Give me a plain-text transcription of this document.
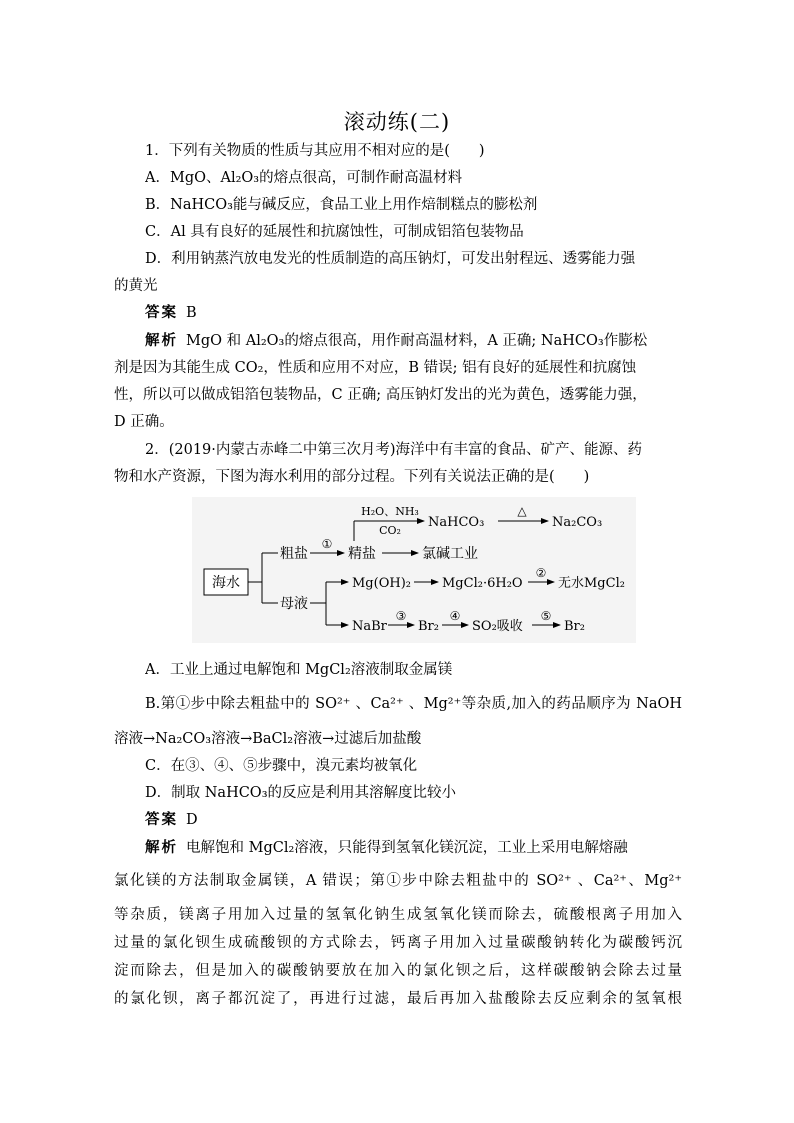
滚动练(二)
1．下列有关物质的性质与其应用不相对应的是(　　)
A．MgO、Al₂O₃的熔点很高，可制作耐高温材料
B．NaHCO₃能与碱反应，食品工业上用作焙制糕点的膨松剂
C．Al 具有良好的延展性和抗腐蚀性，可制成铝箔包装物品
D．利用钠蒸汽放电发光的性质制造的高压钠灯，可发出射程远、透雾能力强
的黄光
答案 B
解析 MgO 和 Al₂O₃的熔点很高，用作耐高温材料，A 正确; NaHCO₃作膨松
剂是因为其能生成 CO₂，性质和应用不对应，B 错误; 铝有良好的延展性和抗腐蚀
性，所以可以做成铝箔包装物品，C 正确; 高压钠灯发出的光为黄色，透雾能力强，
D 正确。
2．(2019·内蒙古赤峰二中第三次月考)海洋中有丰富的食品、矿产、能源、药
物和水产资源，下图为海水利用的部分过程。下列有关说法正确的是(　　)
海水
粗盐
①
精盐
H₂O、NH₃
CO₂
NaHCO₃
△
Na₂CO₃
氯碱工业
母液
Mg(OH)₂ MgCl₂·6H₂O
②
无水MgCl₂
NaBr
③
Br₂
④
SO₂吸收
⑤
Br₂
A．工业上通过电解饱和 MgCl₂溶液制取金属镁
B.第①步中除去粗盐中的 SO²⁺ 、Ca²⁺ 、Mg²⁺等杂质,加入的药品顺序为 NaOH
溶液→Na₂CO₃溶液→BaCl₂溶液→过滤后加盐酸
C．在③、④、⑤步骤中，溴元素均被氧化
D．制取 NaHCO₃的反应是利用其溶解度比较小
答案 D
解析 电解饱和 MgCl₂溶液，只能得到氢氧化镁沉淀，工业上采用电解熔融
氯化镁的方法制取金属镁，A 错误；第①步中除去粗盐中的 SO²⁺ 、Ca²⁺、Mg²⁺
等杂质，镁离子用加入过量的氢氧化钠生成氢氧化镁而除去，硫酸根离子用加入
过量的氯化钡生成硫酸钡的方式除去，钙离子用加入过量碳酸钠转化为碳酸钙沉
淀而除去，但是加入的碳酸钠要放在加入的氯化钡之后，这样碳酸钠会除去过量
的氯化钡，离子都沉淀了，再进行过滤，最后再加入盐酸除去反应剩余的氢氧根
